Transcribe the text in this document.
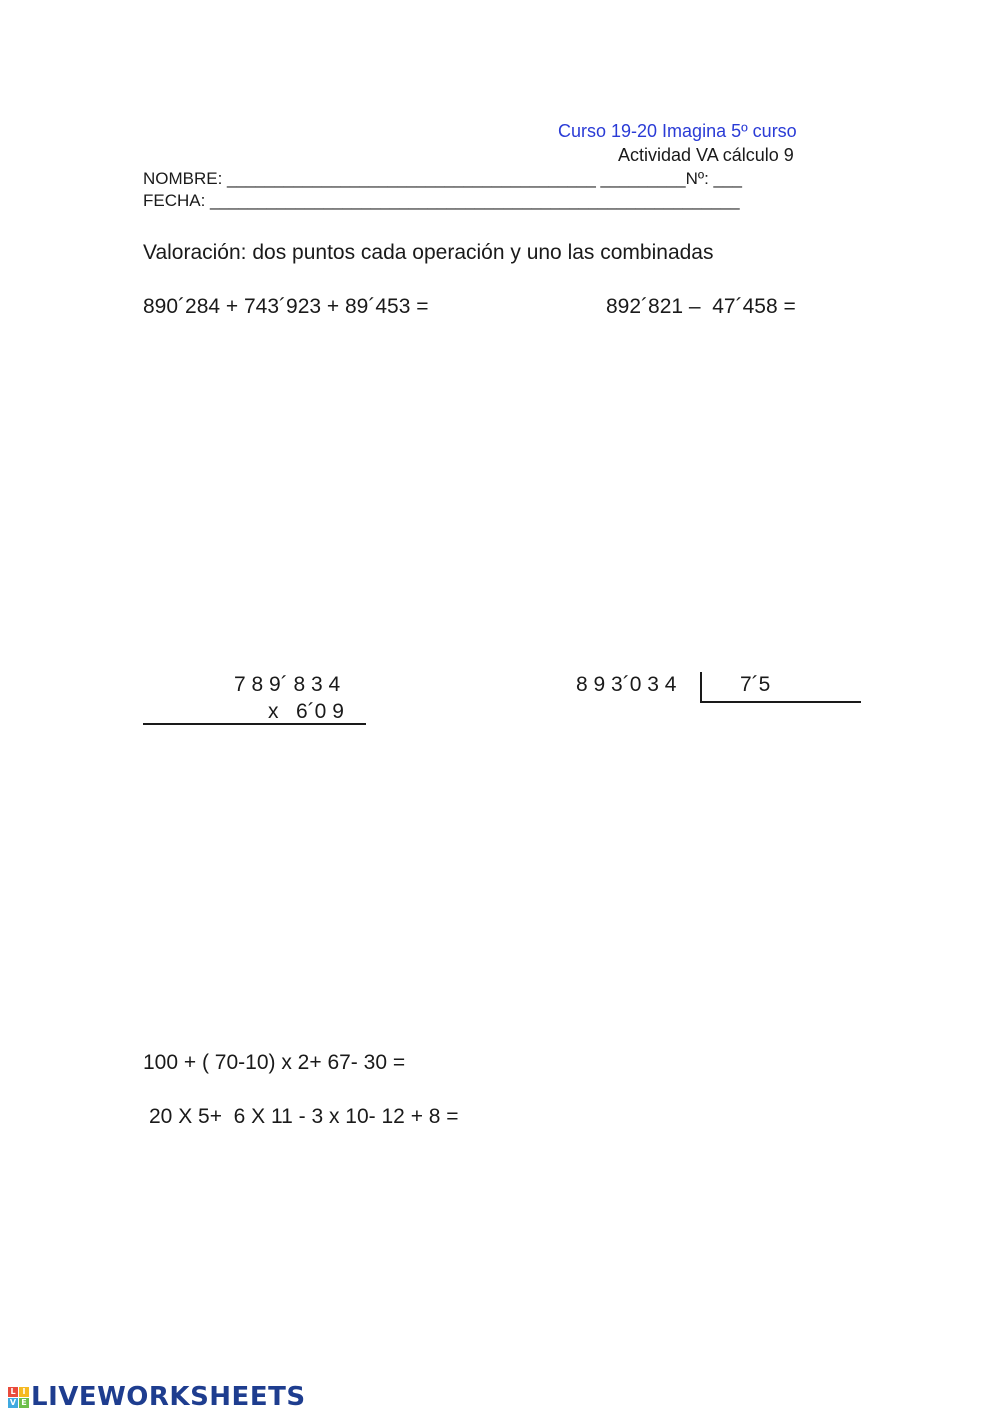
Curso 19-20 Imagina 5º curso
Actividad VA cálculo 9
NOMBRE: _______________________________________ _________Nº: ___
FECHA: ________________________________________________________
Valoración: dos puntos cada operación y uno las combinadas
890´284 + 743´923 + 89´453 =	892´821 –  47´458 =
7 8 9´ 8 3 4
x   6´0 9
8 9 3´0 3 4	7´5
100 + ( 70-10) x 2+ 67- 30 =
20 X 5+  6 X 11 - 3 x 10- 12 + 8 =
L I
V E LIVEWORKSHEETS
